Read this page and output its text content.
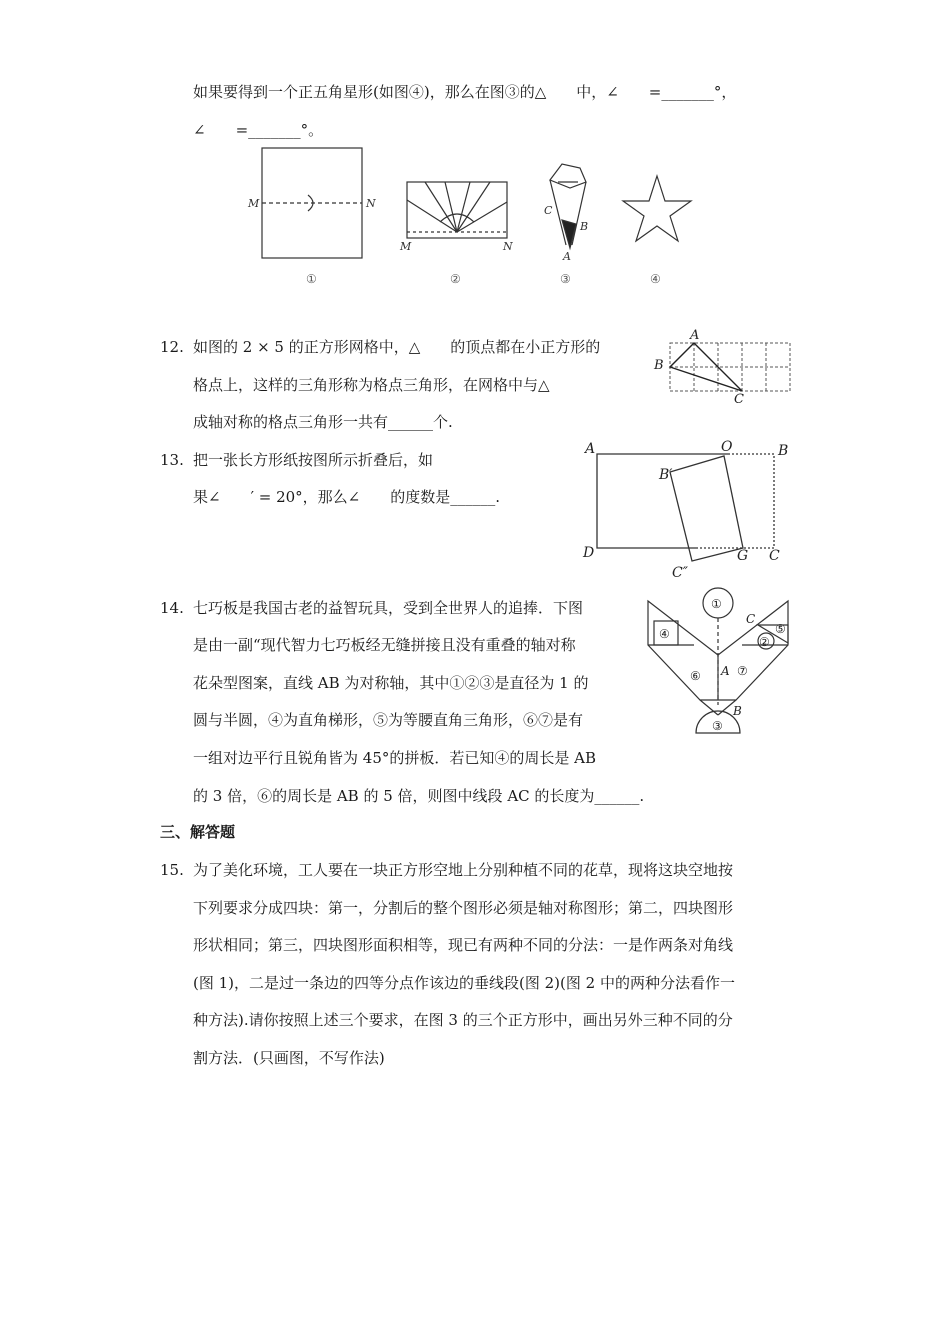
如果要得到一个正五角星形(如图④)，那么在图③的△　　中，∠　　=_______°，
∠　　=_______°。
M	N
M	N
C
B
A
①	②	③	④
12. 如图的 2 × 5 的正方形网格中，△　　的顶点都在小正方形的
格点上，这样的三角形称为格点三角形，在网格中与△
成轴对称的格点三角形一共有______个.
A
B
C
13. 把一张长方形纸按图所示折叠后，如
果∠　　′ = 20°，那么∠　　的度数是______.
A	O	B
B′
D	G C
C″
14. 七巧板是我国古老的益智玩具，受到全世界人的追捧．下图
是由一副“现代智力七巧板经无缝拼接且没有重叠的轴对称
花朵型图案，直线 AB 为对称轴，其中①②③是直径为 1 的
圆与半圆，④为直角梯形，⑤为等腰直角三角形，⑥⑦是有
一组对边平行且锐角皆为 45°的拼板．若已知④的周长是 AB
的 3 倍，⑥的周长是 AB 的 5 倍，则图中线段 AC 的长度为______.
①
④
C
⑤
②
⑥ A ⑦
B
③
三、解答题
15. 为了美化环境，工人要在一块正方形空地上分别种植不同的花草，现将这块空地按
下列要求分成四块：第一，分割后的整个图形必须是轴对称图形；第二，四块图形
形状相同；第三，四块图形面积相等，现已有两种不同的分法：一是作两条对角线
(图 1)，二是过一条边的四等分点作该边的垂线段(图 2)(图 2 中的两种分法看作一
种方法).请你按照上述三个要求，在图 3 的三个正方形中，画出另外三种不同的分
割方法．(只画图，不写作法)
